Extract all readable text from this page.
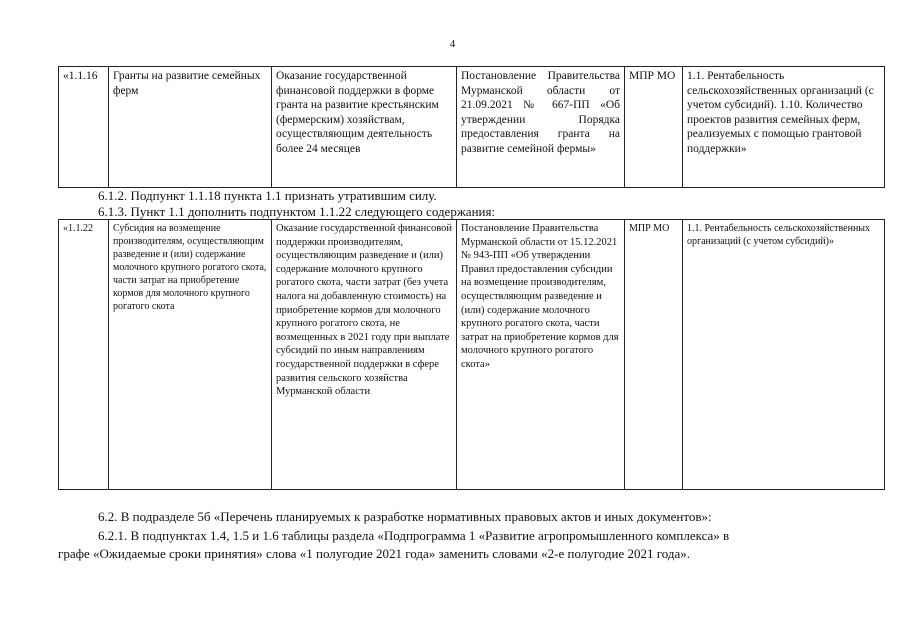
4
«1.1.16	Гранты на развитие семейных ферм	Оказание государственной финансовой поддержки в форме гранта на развитие крестьянским (фермерским) хозяйствам, осуществляющим деятельность более 24 месяцев	Постановление Правительства Мурманской области от 21.09.2021 № 667-ПП «Об утверждении Порядка предоставления гранта на развитие семейной фермы»	МПР МО	1.1. Рентабельность сельскохозяйственных организаций (с учетом субсидий). 1.10. Количество проектов развития семейных ферм, реализуемых с помощью грантовой поддержки»
6.1.2. Подпункт 1.1.18 пункта 1.1 признать утратившим силу.
6.1.3. Пункт 1.1 дополнить подпунктом 1.1.22 следующего содержания:
«1.1.22	Субсидия на возмещение производителям, осуществляющим разведение и (или) содержание молочного крупного рогатого скота, части затрат на приобретение кормов для молочного крупного рогатого скота	Оказание государственной финансовой поддержки производителям, осуществляющим разведение и (или) содержание молочного крупного рогатого скота, части затрат (без учета налога на добавленную стоимость) на приобретение кормов для молочного крупного рогатого скота, не возмещенных в 2021 году при выплате субсидий по иным направлениям государственной поддержки в сфере развития сельского хозяйства Мурманской области	Постановление Правительства Мурманской области от 15.12.2021 № 943-ПП «Об утверждении Правил предоставления субсидии на возмещение производителям, осуществляющим разведение и (или) содержание молочного крупного рогатого скота, части затрат на приобретение кормов для молочного крупного рогатого скота»	МПР МО	1.1. Рентабельность сельскохозяйственных организаций (с учетом субсидий)»
6.2. В подразделе 5б «Перечень планируемых к разработке нормативных правовых актов и иных документов»:
6.2.1. В подпунктах 1.4, 1.5 и 1.6 таблицы раздела «Подпрограмма 1 «Развитие агропромышленного комплекса» в
графе «Ожидаемые сроки принятия» слова «1 полугодие 2021 года» заменить словами «2-е полугодие 2021 года».
